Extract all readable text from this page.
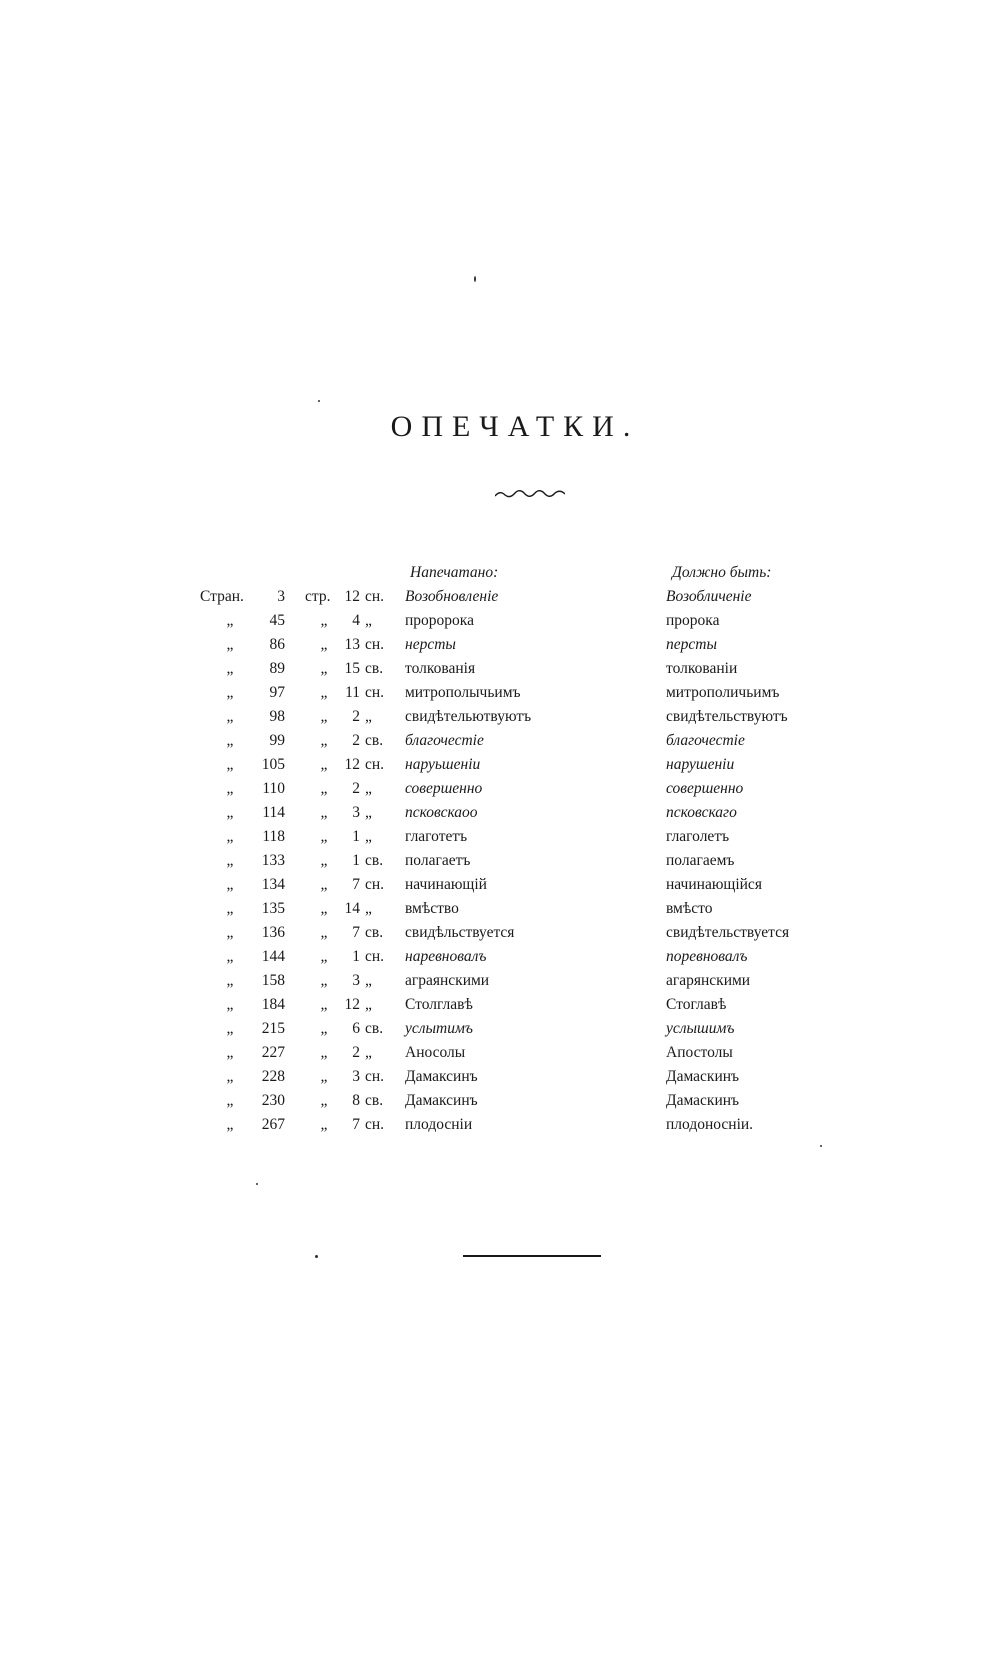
ОПЕЧАТКИ.
Напечатано:	Должно быть:
Стран.	3 стр. 12 сн. Возобновленіе	Возобличеніе
„	45 „	4 „ проророка	пророка
„	86 „	13 сн. нерсты	персты
„	89 „	15 св. толкованія	толкованіи
„	97 „	11 сн. митрополычьимъ	митрополичьимъ
„	98 „	2 „ свидѣтельютвуютъ	свидѣтельствуютъ
„	99 „	2 св. благочестіе	благочестіе
„	105 „	12 сн. наруьшеніи	нарушеніи
„	110 „	2 „ совершенно	совершенно
„	114 „	3 „ псковскаоо	псковскаго
„	118 „	1 „ глаготетъ	глаголетъ
„	133 „	1 св. полагаетъ	полагаемъ
„	134 „	7 сн. начинающій	начинающійся
„	135 „	14 „ вмѣство	вмѣсто
„	136 „	7 св. свидѣльствуется	свидѣтельствуется
„	144 „	1 сн. наревновалъ	поревновалъ
„	158 „	3 „ аграянскими	агарянскими
„	184 „	12 „ Столглавѣ	Стоглавѣ
„	215 „	6 св. услытимъ	услышимъ
„	227 „	2 „ Аносолы	Апостолы
„	228 „	3 сн. Дамаксинъ	Дамаскинъ
„	230 „	8 св. Дамаксинъ	Дамаскинъ
„	267 „	7 сн. плодосніи	плодоносніи.
